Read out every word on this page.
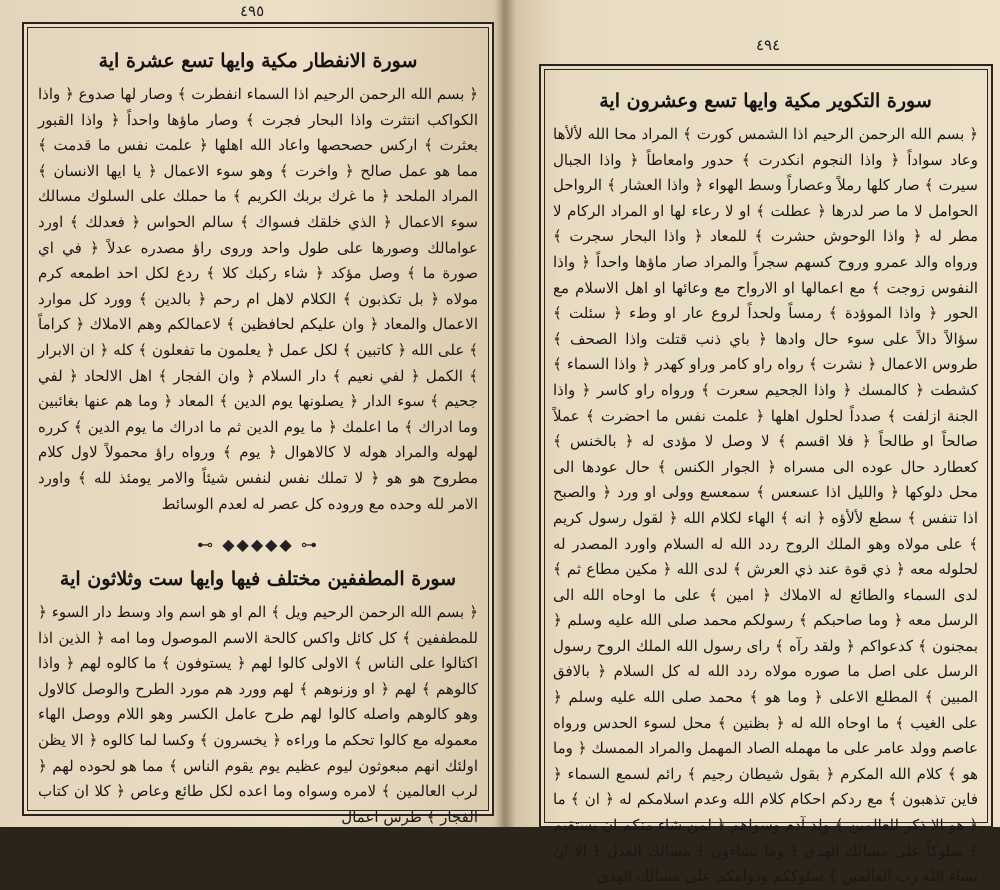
٤٩٥
سورة الانفطار مكية وايها تسع عشرة اية
﴿ بسم الله الرحمن الرحيم اذا السماء انفطرت ﴾ وصار لها صدوع ﴿ واذا الكواكب انتثرت واذا البحار فجرت ﴾ وصار ماؤها واحداً ﴿ واذا القبور بعثرت ﴾ اركس حصحصها واعاد الله اهلها ﴿ علمت نفس ما قدمت ﴾ مما هو عمل صالح ﴿ واخرت ﴾ وهو سوء الاعمال ﴿ يا ايها الانسان ﴾ المراد الملحد ﴿ ما غرك بربك الكريم ﴾ ما حملك على السلوك مسالك سوء الاعمال ﴿ الذي خلقك فسواك ﴾ سالم الحواس ﴿ فعدلك ﴾ اورد عوامالك وصورها على طول واحد وروى راؤ مصدره عدلاً ﴿ في اي صورة ما ﴾ وصل مؤكد ﴿ شاء ركبك كلا ﴾ ردع لكل احد اطمعه كرم مولاه ﴿ بل تكذبون ﴾ الكلام لاهل ام رحم ﴿ بالدين ﴾ وورد كل موارد الاعمال والمعاد ﴿ وان عليكم لحافظين ﴾ لاعمالكم وهم الاملاك ﴿ كراماً ﴾ على الله ﴿ كاتبين ﴾ لكل عمل ﴿ يعلمون ما تفعلون ﴾ كله ﴿ ان الابرار ﴾ الكمل ﴿ لفي نعيم ﴾ دار السلام ﴿ وان الفجار ﴾ اهل الالحاد ﴿ لفي جحيم ﴾ سوء الدار ﴿ يصلونها يوم الدين ﴾ المعاد ﴿ وما هم عنها بغائبين وما ادراك ﴾ ما اعلمك ﴿ ما يوم الدين ثم ما ادراك ما يوم الدين ﴾ كرره لهوله والمراد هوله لا كالاهوال ﴿ يوم ﴾ ورواه راؤ محمولاً لاول كلام مطروح هو هو ﴿ لا تملك نفس لنفس شيئاً والامر يومئذ لله ﴾ واورد الامر لله وحده مع وروده كل عصر له لعدم الوسائط
⊷ ◆◆◆◆◆ ⊶
سورة المطففين مختلف فيها وايها ست وثلاثون اية
﴿ بسم الله الرحمن الرحيم ويل ﴾ الم او هو اسم واد وسط دار السوء ﴿ للمطففين ﴾ كل كائل واكس كالحة الاسم الموصول وما امه ﴿ الذين اذا اكتالوا على الناس ﴾ الاولى كالوا لهم ﴿ يستوفون ﴾ ما كالوه لهم ﴿ واذا كالوهم ﴾ لهم ﴿ او وزنوهم ﴾ لهم وورد هم مورد الطرح والوصل كالاول وهو كالوهم واصله كالوا لهم طرح عامل الكسر وهو اللام ووصل الهاء معموله مع كالوا تحكم ما وراءه ﴿ يخسرون ﴾ وكسا لما كالوه ﴿ الا يظن اولئك انهم مبعوثون ليوم عظيم يوم يقوم الناس ﴾ مما هو لحوده لهم ﴿ لرب العالمين ﴾ لامره وسواه وما اعده لكل طائع وعاص ﴿ كلا ان كتاب الفجار ﴾ طرس اعمال
٤٩٤
سورة التكوير مكية وايها تسع وعشرون اية
﴿ بسم الله الرحمن الرحيم اذا الشمس كورت ﴾ المراد محا الله لألأها وعاد سواداً ﴿ واذا النجوم انكدرت ﴾ حدور وامعاطاً ﴿ واذا الجبال سيرت ﴾ صار كلها رملاً وعصاراً وسط الهواء ﴿ واذا العشار ﴾ الرواحل الحوامل لا ما صر لدرها ﴿ عطلت ﴾ او لا رعاء لها او المراد الركام لا مطر له ﴿ واذا الوحوش حشرت ﴾ للمعاد ﴿ واذا البحار سجرت ﴾ ورواه والد عمرو وروح كسهم سجراً والمراد صار ماؤها واحداً ﴿ واذا النفوس زوجت ﴾ مع اعمالها او الارواح مع وعائها او اهل الاسلام مع الحور ﴿ واذا الموؤدة ﴾ رمساً ولحداً لروع عار او وطء ﴿ سئلت ﴾ سؤالاً دالاً على سوء حال وادها ﴿ باي ذنب قتلت واذا الصحف ﴾ طروس الاعمال ﴿ نشرت ﴾ رواه راو كامر وراو كهدر ﴿ واذا السماء ﴾ كشطت ﴿ كالمسك ﴿ واذا الجحيم سعرت ﴾ ورواه راو كاسر ﴿ واذا الجنة ازلفت ﴾ صدداً لحلول اهلها ﴿ علمت نفس ما احضرت ﴾ عملاً صالحاً او طالحاً ﴿ فلا اقسم ﴾ لا وصل لا مؤدى له ﴿ بالخنس ﴾ كعطارد حال عوده الى مسراه ﴿ الجوار الكنس ﴾ حال عودها الى محل دلوكها ﴿ والليل اذا عسعس ﴾ سمعسع وولى او ورد ﴿ والصبح اذا تنفس ﴾ سطع لألأؤه ﴿ انه ﴾ الهاء لكلام الله ﴿ لقول رسول كريم ﴾ على مولاه وهو الملك الروح ردد الله له السلام واورد المصدر له لحلوله معه ﴿ ذي قوة عند ذي العرش ﴾ لدى الله ﴿ مكين مطاع ثم ﴾ لدى السماء والطائع له الاملاك ﴿ امين ﴾ على ما اوحاه الله الى الرسل معه ﴿ وما صاحبكم ﴾ رسولكم محمد صلى الله عليه وسلم ﴿ بمجنون ﴾ كدعواكم ﴿ ولقد رآه ﴾ راى رسول الله الملك الروح رسول الرسل على اصل ما صوره مولاه ردد الله له كل السلام ﴿ بالافق المبين ﴾ المطلع الاعلى ﴿ وما هو ﴾ محمد صلى الله عليه وسلم ﴿ على الغيب ﴾ ما اوحاه الله له ﴿ بظنين ﴾ محل لسوء الحدس ورواه عاصم وولد عامر على ما مهمله الصاد المهمل والمراد الممسك ﴿ وما هو ﴾ كلام الله المكرم ﴿ بقول شيطان رجيم ﴾ رائم لسمع السماء ﴿ فاين تذهبون ﴾ مع ردكم احكام كلام الله وعدم اسلامكم له ﴿ ان ﴾ ما ﴿ هو الا ذكر للعالمين ﴾ ولد آدم وسواهم ﴿ لمن شاء منكم ان يستقيم ﴾ سلوكاً على مسالك الهدى ﴿ وما تشاءون ﴾ مسالك العدل ﴿ الا ان يشاء الله رب العالمين ﴾ سلوككم ودوامكم على مسالك الهدى
